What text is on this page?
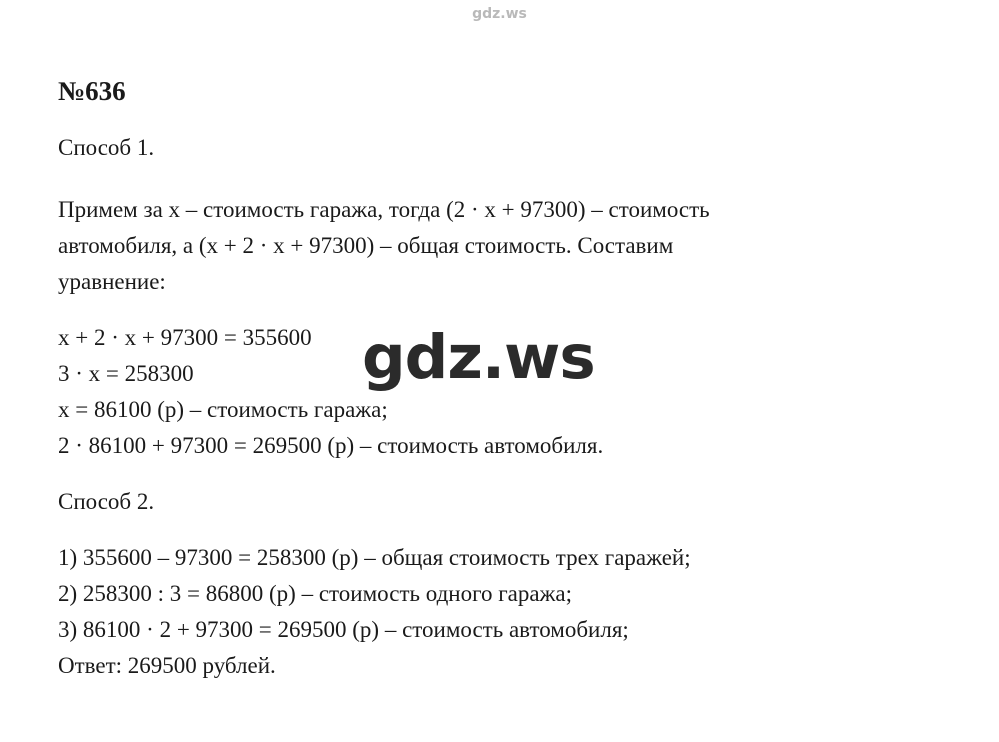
gdz.ws
№636
Способ 1.
Примем за x – стоимость гаража, тогда (2 · x + 97300) – стоимость
автомобиля, а (x + 2 · x + 97300) – общая стоимость. Составим
уравнение:
x + 2 · x + 97300 = 355600
3 · x = 258300
x = 86100 (р) – стоимость гаража;
2 · 86100 + 97300 = 269500 (р) – стоимость автомобиля.
Способ 2.
1) 355600 – 97300 = 258300 (р) – общая стоимость трех гаражей;
2) 258300 : 3 = 86800 (р) – стоимость одного гаража;
3) 86100 · 2 + 97300 = 269500 (р) – стоимость автомобиля;
Ответ: 269500 рублей.
gdz.ws
